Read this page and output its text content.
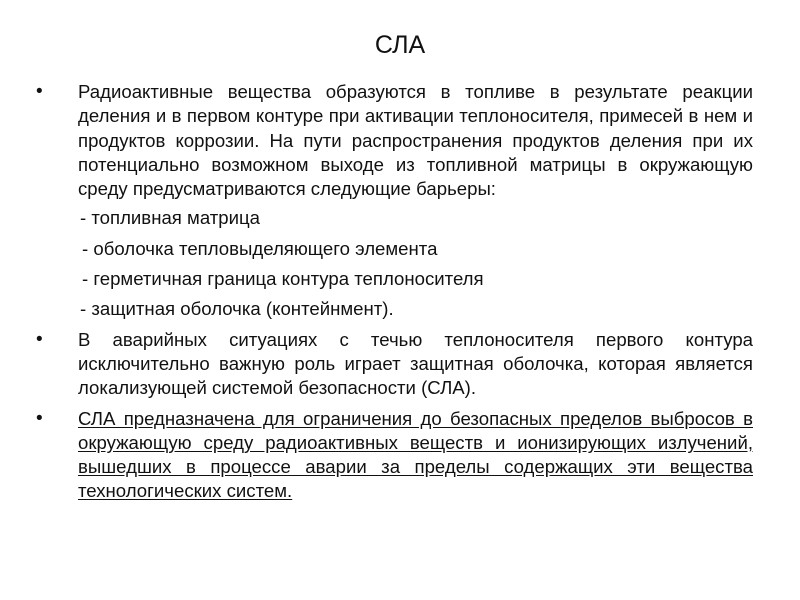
СЛА
• Радиоактивные вещества образуются в топливе в результате реакции деления и в первом контуре при активации теплоносителя, примесей в нем и продуктов коррозии. На пути распространения продуктов деления при их потенциально возможном выходе из топливной матрицы в окружающую среду предусматриваются следующие барьеры:
- топливная матрица
- оболочка тепловыделяющего элемента
- герметичная граница контура теплоносителя
- защитная оболочка (контейнмент).
• В аварийных ситуациях с течью теплоносителя первого контура исключительно важную роль играет защитная оболочка, которая является локализующей системой безопасности (СЛА).
• СЛА предназначена для ограничения до безопасных пределов выбросов в окружающую среду радиоактивных веществ и ионизирующих излучений, вышедших в процессе аварии за пределы содержащих эти вещества технологических систем.
